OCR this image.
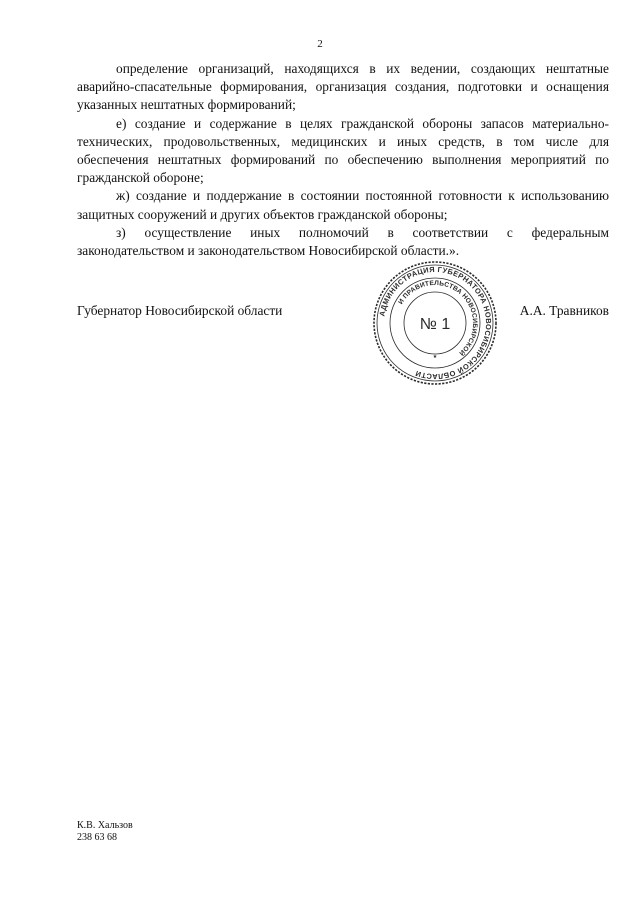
2

определение организаций, находящихся в их ведении, создающих нештатные аварийно-спасательные формирования, организация создания, подготовки и оснащения указанных нештатных формирований;

е) создание и содержание в целях гражданской обороны запасов материально-технических, продовольственных, медицинских и иных средств, в том числе для обеспечения нештатных формирований по обеспечению выполнения мероприятий по гражданской обороне;

ж) создание и поддержание в состоянии постоянной готовности к использованию защитных сооружений и других объектов гражданской обороны;

з) осуществление иных полномочий в соответствии с федеральным законодательством и законодательством Новосибирской области.».

Губернатор Новосибирской области	А.А. Травников
АДМИНИСТРАЦИЯ ГУБЕРНАТОРА НОВОСИБИРСКОЙ ОБЛАСТИ
И ПРАВИТЕЛЬСТВА НОВОСИБИРСКОЙ
№ 1
★
К.В. Хальзов
238 63 68
